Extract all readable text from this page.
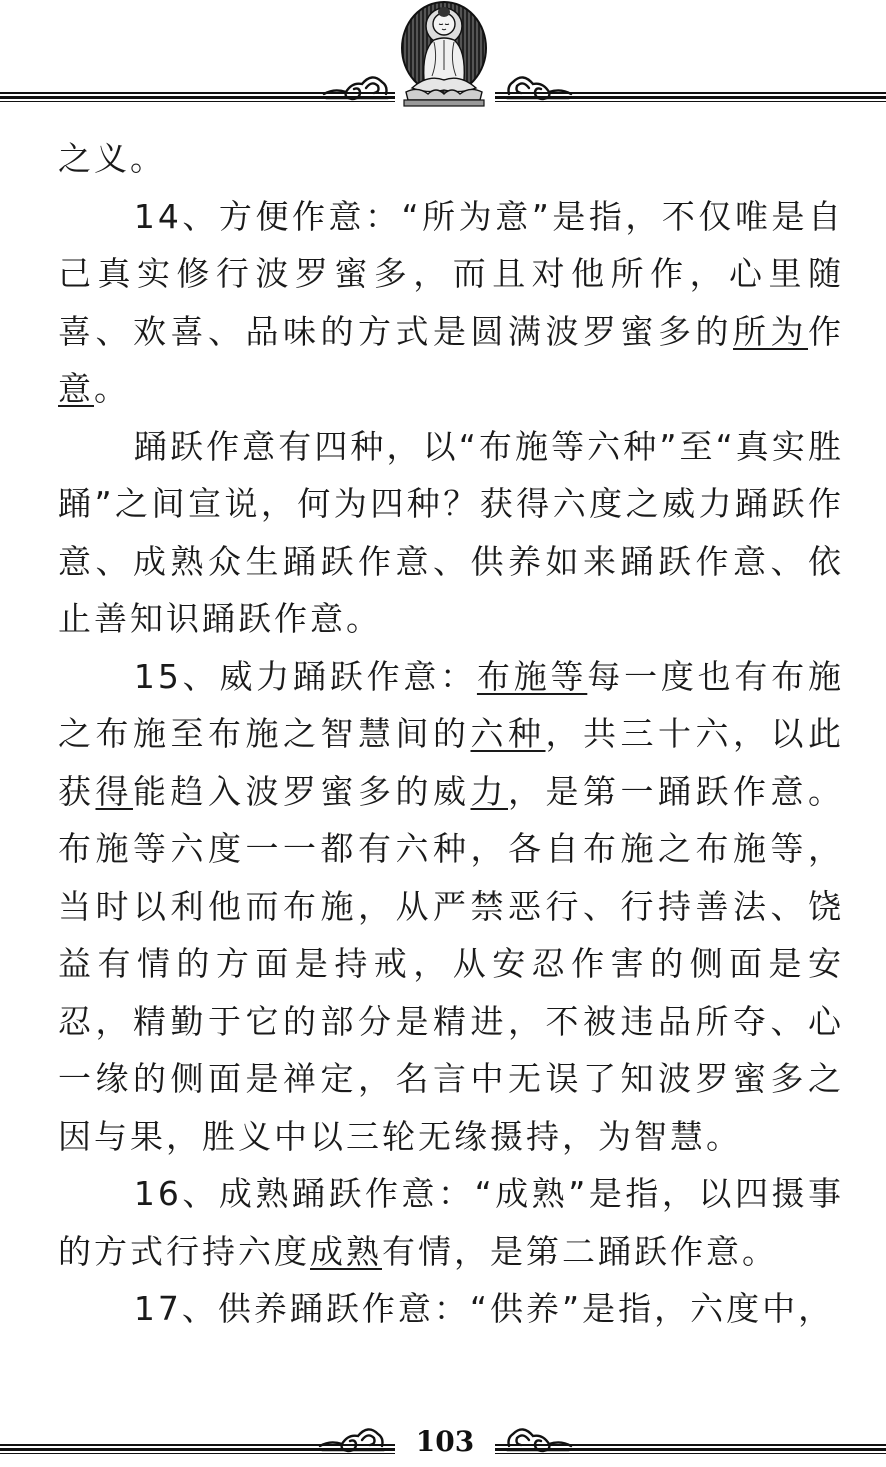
之义。

14、方便作意：“所为意”是指，不仅唯是自己真实修行波罗蜜多，而且对他所作，心里随喜、欢喜、品味的方式是圆满波罗蜜多的所为作意。

踊跃作意有四种，以“布施等六种”至“真实胜踊”之间宣说，何为四种？获得六度之威力踊跃作意、成熟众生踊跃作意、供养如来踊跃作意、依止善知识踊跃作意。

15、威力踊跃作意：布施等每一度也有布施之布施至布施之智慧间的六种，共三十六，以此获得能趋入波罗蜜多的威力，是第一踊跃作意。布施等六度一一都有六种，各自布施之布施等，当时以利他而布施，从严禁恶行、行持善法、饶益有情的方面是持戒，从安忍作害的侧面是安忍，精勤于它的部分是精进，不被违品所夺、心一缘的侧面是禅定，名言中无误了知波罗蜜多之因与果，胜义中以三轮无缘摄持，为智慧。

16、成熟踊跃作意：“成熟”是指，以四摄事的方式行持六度成熟有情，是第二踊跃作意。

17、供养踊跃作意：“供养”是指，六度中，

103
